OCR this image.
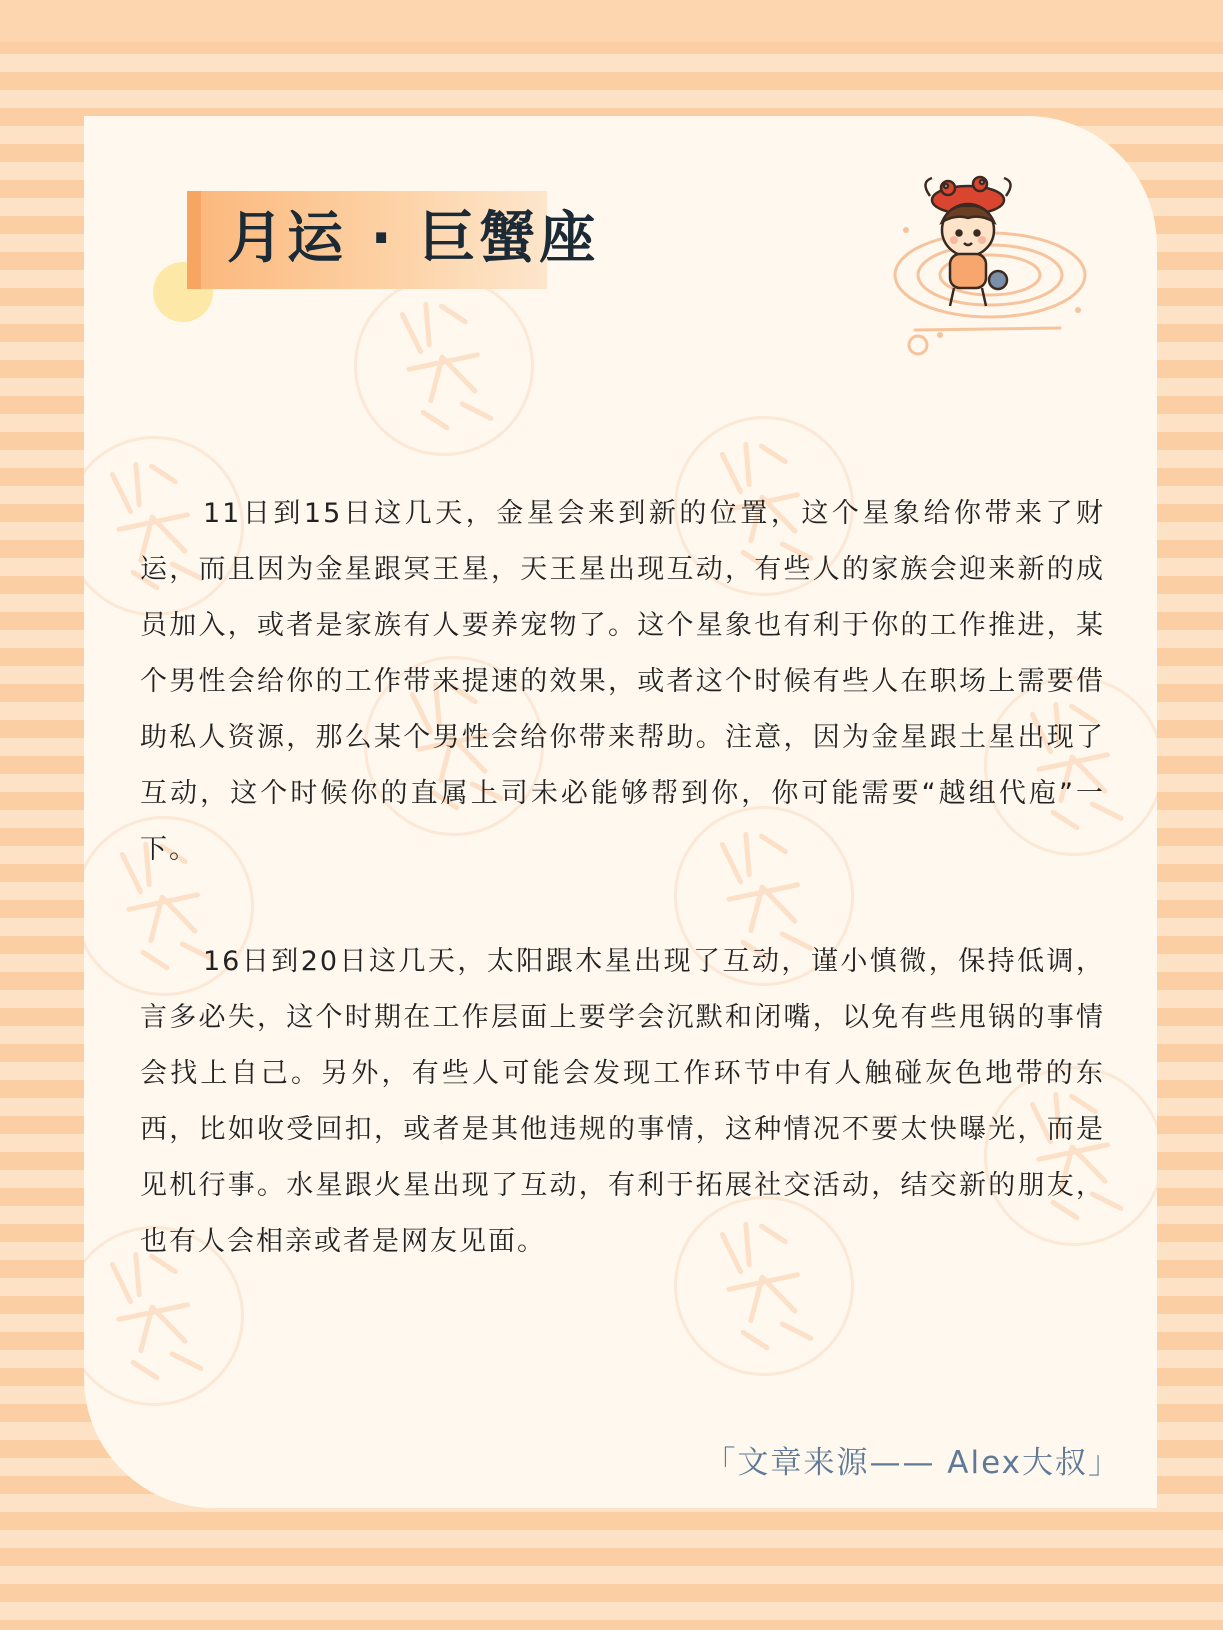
月运 · 巨蟹座

11日到15日这几天，金星会来到新的位置，这个星象给你带来了财运，而且因为金星跟冥王星，天王星出现互动，有些人的家族会迎来新的成员加入，或者是家族有人要养宠物了。这个星象也有利于你的工作推进，某个男性会给你的工作带来提速的效果，或者这个时候有些人在职场上需要借助私人资源，那么某个男性会给你带来帮助。注意，因为金星跟土星出现了互动，这个时候你的直属上司未必能够帮到你，你可能需要“越组代庖”一下。

16日到20日这几天，太阳跟木星出现了互动，谨小慎微，保持低调，言多必失，这个时期在工作层面上要学会沉默和闭嘴，以免有些甩锅的事情会找上自己。另外，有些人可能会发现工作环节中有人触碰灰色地带的东西，比如收受回扣，或者是其他违规的事情，这种情况不要太快曝光，而是见机行事。水星跟火星出现了互动，有利于拓展社交活动，结交新的朋友，也有人会相亲或者是网友见面。

「文章来源—— Alex大叔」
